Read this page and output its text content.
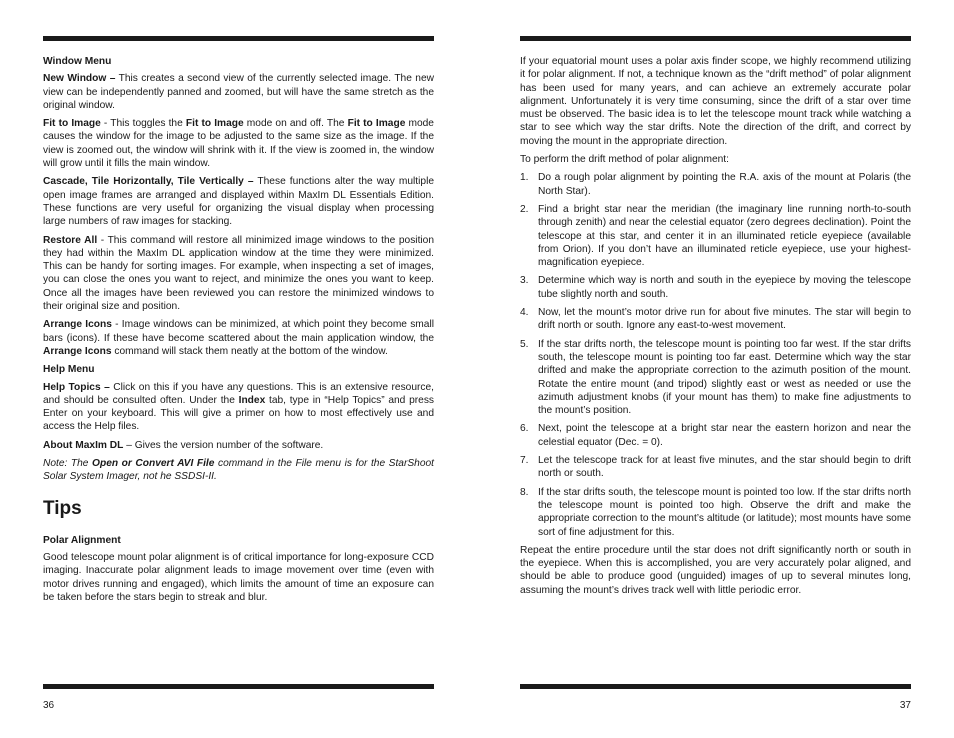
Window Menu

New Window – This creates a second view of the currently selected image. The new view can be independently panned and zoomed, but will have the same stretch as the original window.

Fit to Image - This toggles the Fit to Image mode on and off. The Fit to Image mode causes the window for the image to be adjusted to the same size as the image. If the view is zoomed out, the window will shrink with it. If the view is zoomed in, the window will grow until it fills the main window.

Cascade, Tile Horizontally, Tile Vertically – These functions alter the way multiple open image frames are arranged and displayed within MaxIm DL Essentials Edition. These functions are very useful for organizing the visual display when processing large numbers of raw images for stacking.

Restore All - This command will restore all minimized image windows to the position they had within the MaxIm DL application window at the time they were minimized. This can be handy for sorting images. For example, when inspecting a set of images, you can close the ones you want to reject, and minimize the ones you want to keep. Once all the images have been reviewed you can restore the minimized windows to their original size and position.

Arrange Icons - Image windows can be minimized, at which point they become small bars (icons). If these have become scattered about the main application window, the Arrange Icons command will stack them neatly at the bottom of the window.

Help Menu

Help Topics – Click on this if you have any questions. This is an extensive resource, and should be consulted often. Under the Index tab, type in “Help Topics” and press Enter on your keyboard. This will give a primer on how to most effectively use and access the Help files.

About MaxIm DL – Gives the version number of the software.

Note: The Open or Convert AVI File command in the File menu is for the StarShoot Solar System Imager, not he SSDSI-II.

Tips
Polar Alignment

Good telescope mount polar alignment is of critical importance for long-exposure CCD imaging. Inaccurate polar alignment leads to image movement over time (even with motor drives running and engaged), which limits the amount of time an exposure can be taken before the stars begin to streak and blur.

36

If your equatorial mount uses a polar axis finder scope, we highly recommend utilizing it for polar alignment. If not, a technique known as the “drift method” of polar alignment has been used for many years, and can achieve an extremely accurate polar alignment. Unfortunately it is very time consuming, since the drift of a star over time must be observed. The basic idea is to let the telescope mount track while watching a star to see which way the star drifts. Note the direction of the drift, and correct by moving the mount in the appropriate direction.

To perform the drift method of polar alignment:

1. Do a rough polar alignment by pointing the R.A. axis of the mount at Polaris (the North Star).
2. Find a bright star near the meridian (the imaginary line running north-to-south through zenith) and near the celestial equator (zero degrees declination). Point the telescope at this star, and center it in an illuminated reticle eyepiece (available from Orion). If you don’t have an illuminated reticle eyepiece, use your highest- magnification eyepiece.
3. Determine which way is north and south in the eyepiece by moving the telescope tube slightly north and south.
4. Now, let the mount’s motor drive run for about five minutes. The star will begin to drift north or south. Ignore any east-to-west movement.
5. If the star drifts north, the telescope mount is pointing too far west. If the star drifts south, the telescope mount is pointing too far east. Determine which way the star drifted and make the appropriate correction to the azimuth position of the mount. Rotate the entire mount (and tripod) slightly east or west as needed or use the azimuth adjustment knobs (if your mount has them) to make fine adjustments to the mount’s position.
6. Next, point the telescope at a bright star near the eastern horizon and near the celestial equator (Dec. = 0).
7. Let the telescope track for at least five minutes, and the star should begin to drift north or south.
8. If the star drifts south, the telescope mount is pointed too low. If the star drifts north the telescope mount is pointed too high. Observe the drift and make the appropriate correction to the mount’s altitude (or latitude); most mounts have some sort of fine adjustment for this.

Repeat the entire procedure until the star does not drift significantly north or south in the eyepiece. When this is accomplished, you are very accurately polar aligned, and should be able to produce good (unguided) images of up to several minutes long, assuming the mount’s drives track well with little periodic error.

37
